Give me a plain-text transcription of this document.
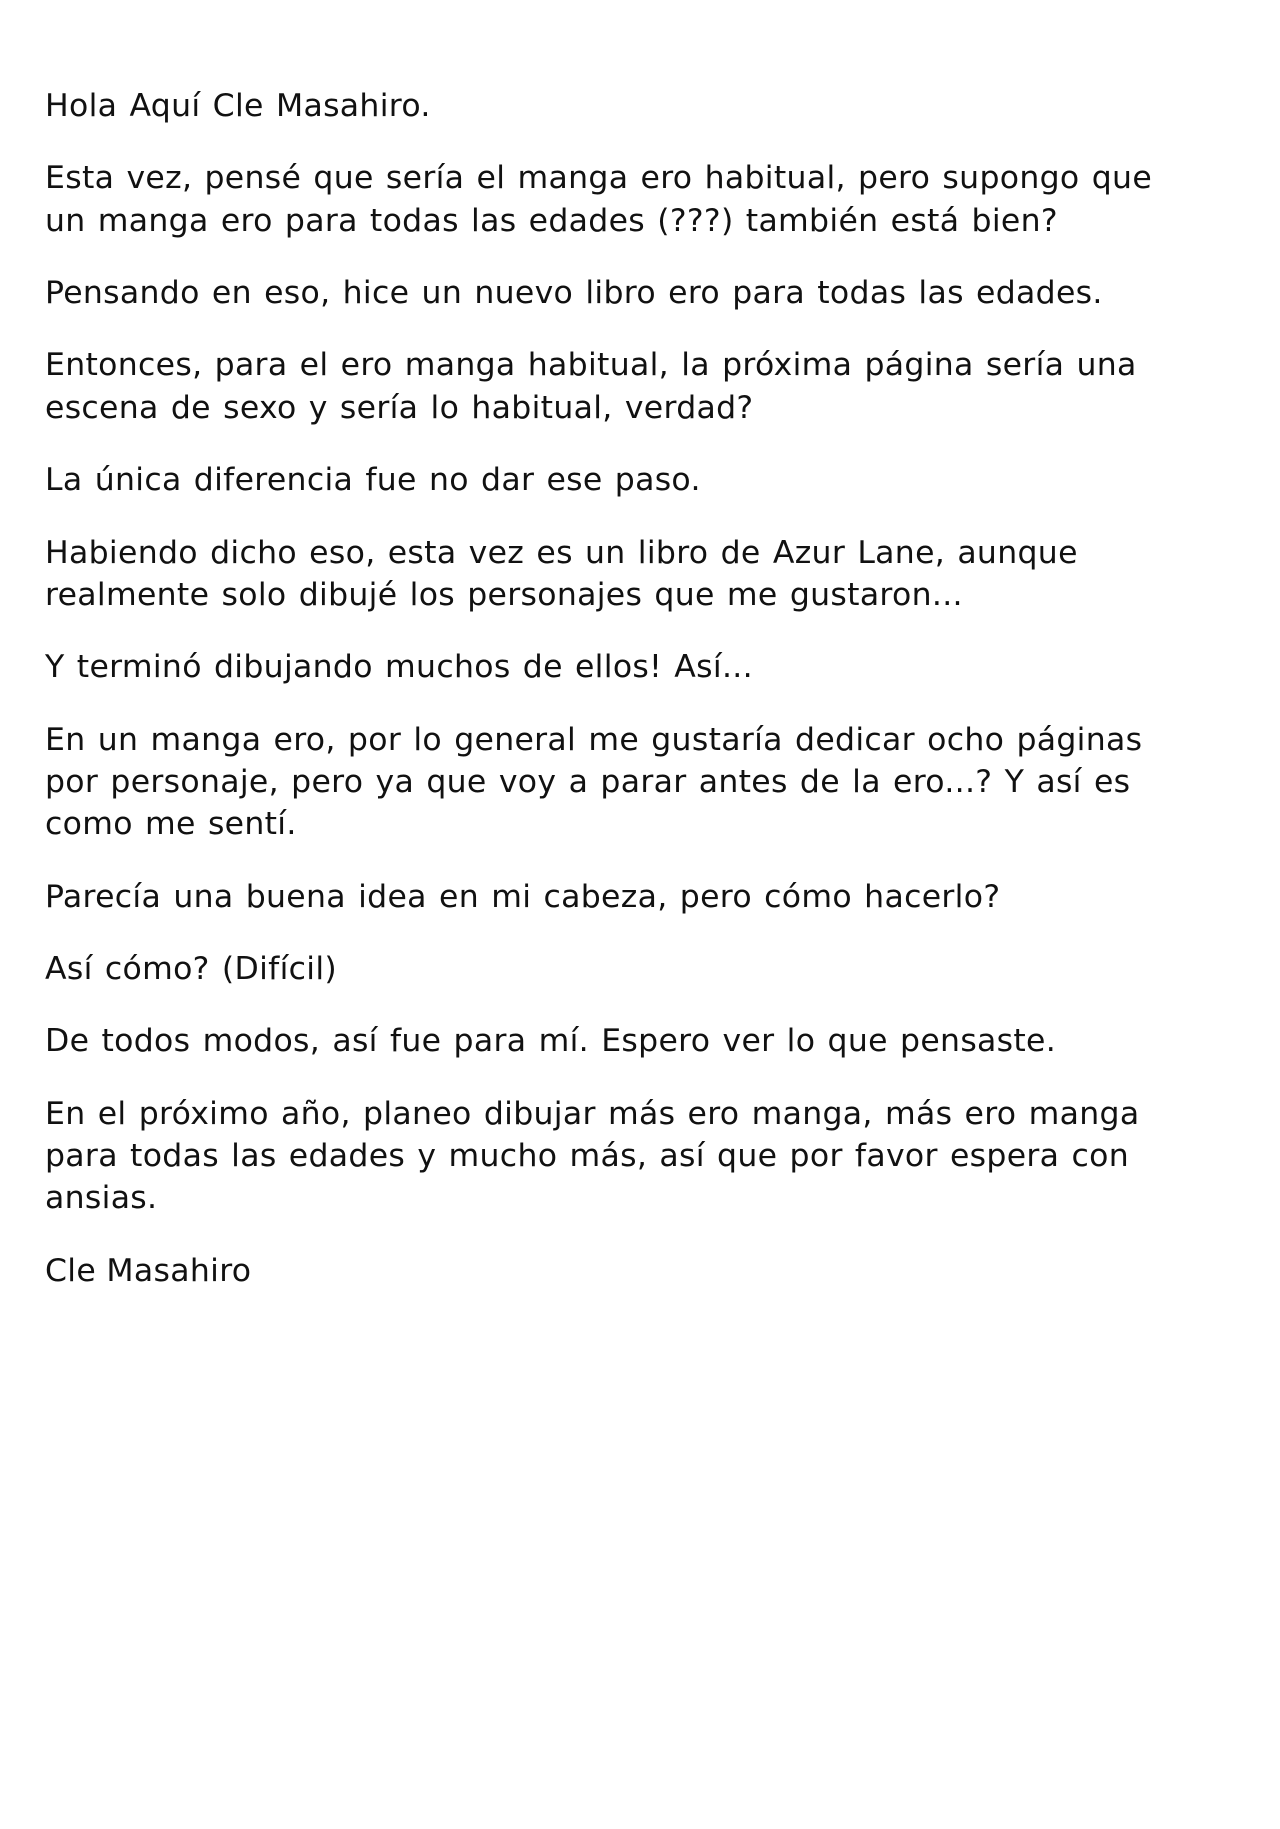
Hola Aquí Cle Masahiro.

Esta vez, pensé que sería el manga ero habitual, pero supongo que un manga ero para todas las edades (???) también está bien?

Pensando en eso, hice un nuevo libro ero para todas las edades.

Entonces, para el ero manga habitual, la próxima página sería una escena de sexo y sería lo habitual, verdad?

La única diferencia fue no dar ese paso.

Habiendo dicho eso, esta vez es un libro de Azur Lane, aunque realmente solo dibujé los personajes que me gustaron...

Y terminó dibujando muchos de ellos! Así...

En un manga ero, por lo general me gustaría dedicar ocho páginas por personaje, pero ya que voy a parar antes de la ero...? Y así es como me sentí.

Parecía una buena idea en mi cabeza, pero cómo hacerlo?

Así cómo? (Difícil)

De todos modos, así fue para mí. Espero ver lo que pensaste.

En el próximo año, planeo dibujar más ero manga, más ero manga para todas las edades y mucho más, así que por favor espera con ansias.

Cle Masahiro
